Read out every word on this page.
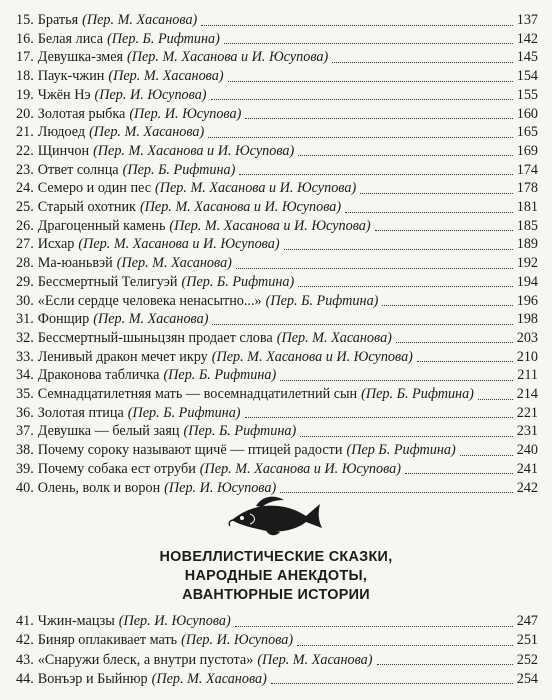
15. Братья (Пер. М. Хасанова)	137
16. Белая лиса (Пер. Б. Рифтина)	142
17. Девушка-змея (Пер. М. Хасанова и И. Юсупова)	145
18. Паук-чжин (Пер. М. Хасанова)	154
19. Чжён Нэ (Пер. И. Юсупова)	155
20. Золотая рыбка (Пер. И. Юсупова)	160
21. Людоед (Пер. М. Хасанова)	165
22. Щинчон (Пер. М. Хасанова и И. Юсупова)	169
23. Ответ солнца (Пер. Б. Рифтина)	174
24. Семеро и один пес (Пер. М. Хасанова и И. Юсупова)	178
25. Старый охотник (Пер. М. Хасанова и И. Юсупова)	181
26. Драгоценный камень (Пер. М. Хасанова и И. Юсупова)	185
27. Исхар (Пер. М. Хасанова и И. Юсупова)	189
28. Ма-юаньвэй (Пер. М. Хасанова)	192
29. Бессмертный Телигуэй (Пер. Б. Рифтина)	194
30. «Если сердце человека ненасытно...» (Пер. Б. Рифтина)	196
31. Фонщир (Пер. М. Хасанова)	198
32. Бессмертный-шыньцзян продает слова (Пер. М. Хасанова)	203
33. Ленивый дракон мечет икру (Пер. М. Хасанова и И. Юсупова)	210
34. Драконова табличка (Пер. Б. Рифтина)	211
35. Семнадцатилетняя мать — восемнадцатилетний сын (Пер. Б. Рифтина)	214
36. Золотая птица (Пер. Б. Рифтина)	221
37. Девушка — белый заяц (Пер. Б. Рифтина)	231
38. Почему сороку называют щичё — птицей радости (Пер Б. Рифтина)	240
39. Почему собака ест отруби (Пер. М. Хасанова и И. Юсупова)	241
40. Олень, волк и ворон (Пер. И. Юсупова)	242
НОВЕЛЛИСТИЧЕСКИЕ СКАЗКИ,
НАРОДНЫЕ АНЕКДОТЫ,
АВАНТЮРНЫЕ ИСТОРИИ
41. Чжин-мацзы (Пер. И. Юсупова)	247
42. Биняр оплакивает мать (Пер. И. Юсупова)	251
43. «Снаружи блеск, а внутри пустота» (Пер. М. Хасанова)	252
44. Вонъэр и Быйнюр (Пер. М. Хасанова)	254
